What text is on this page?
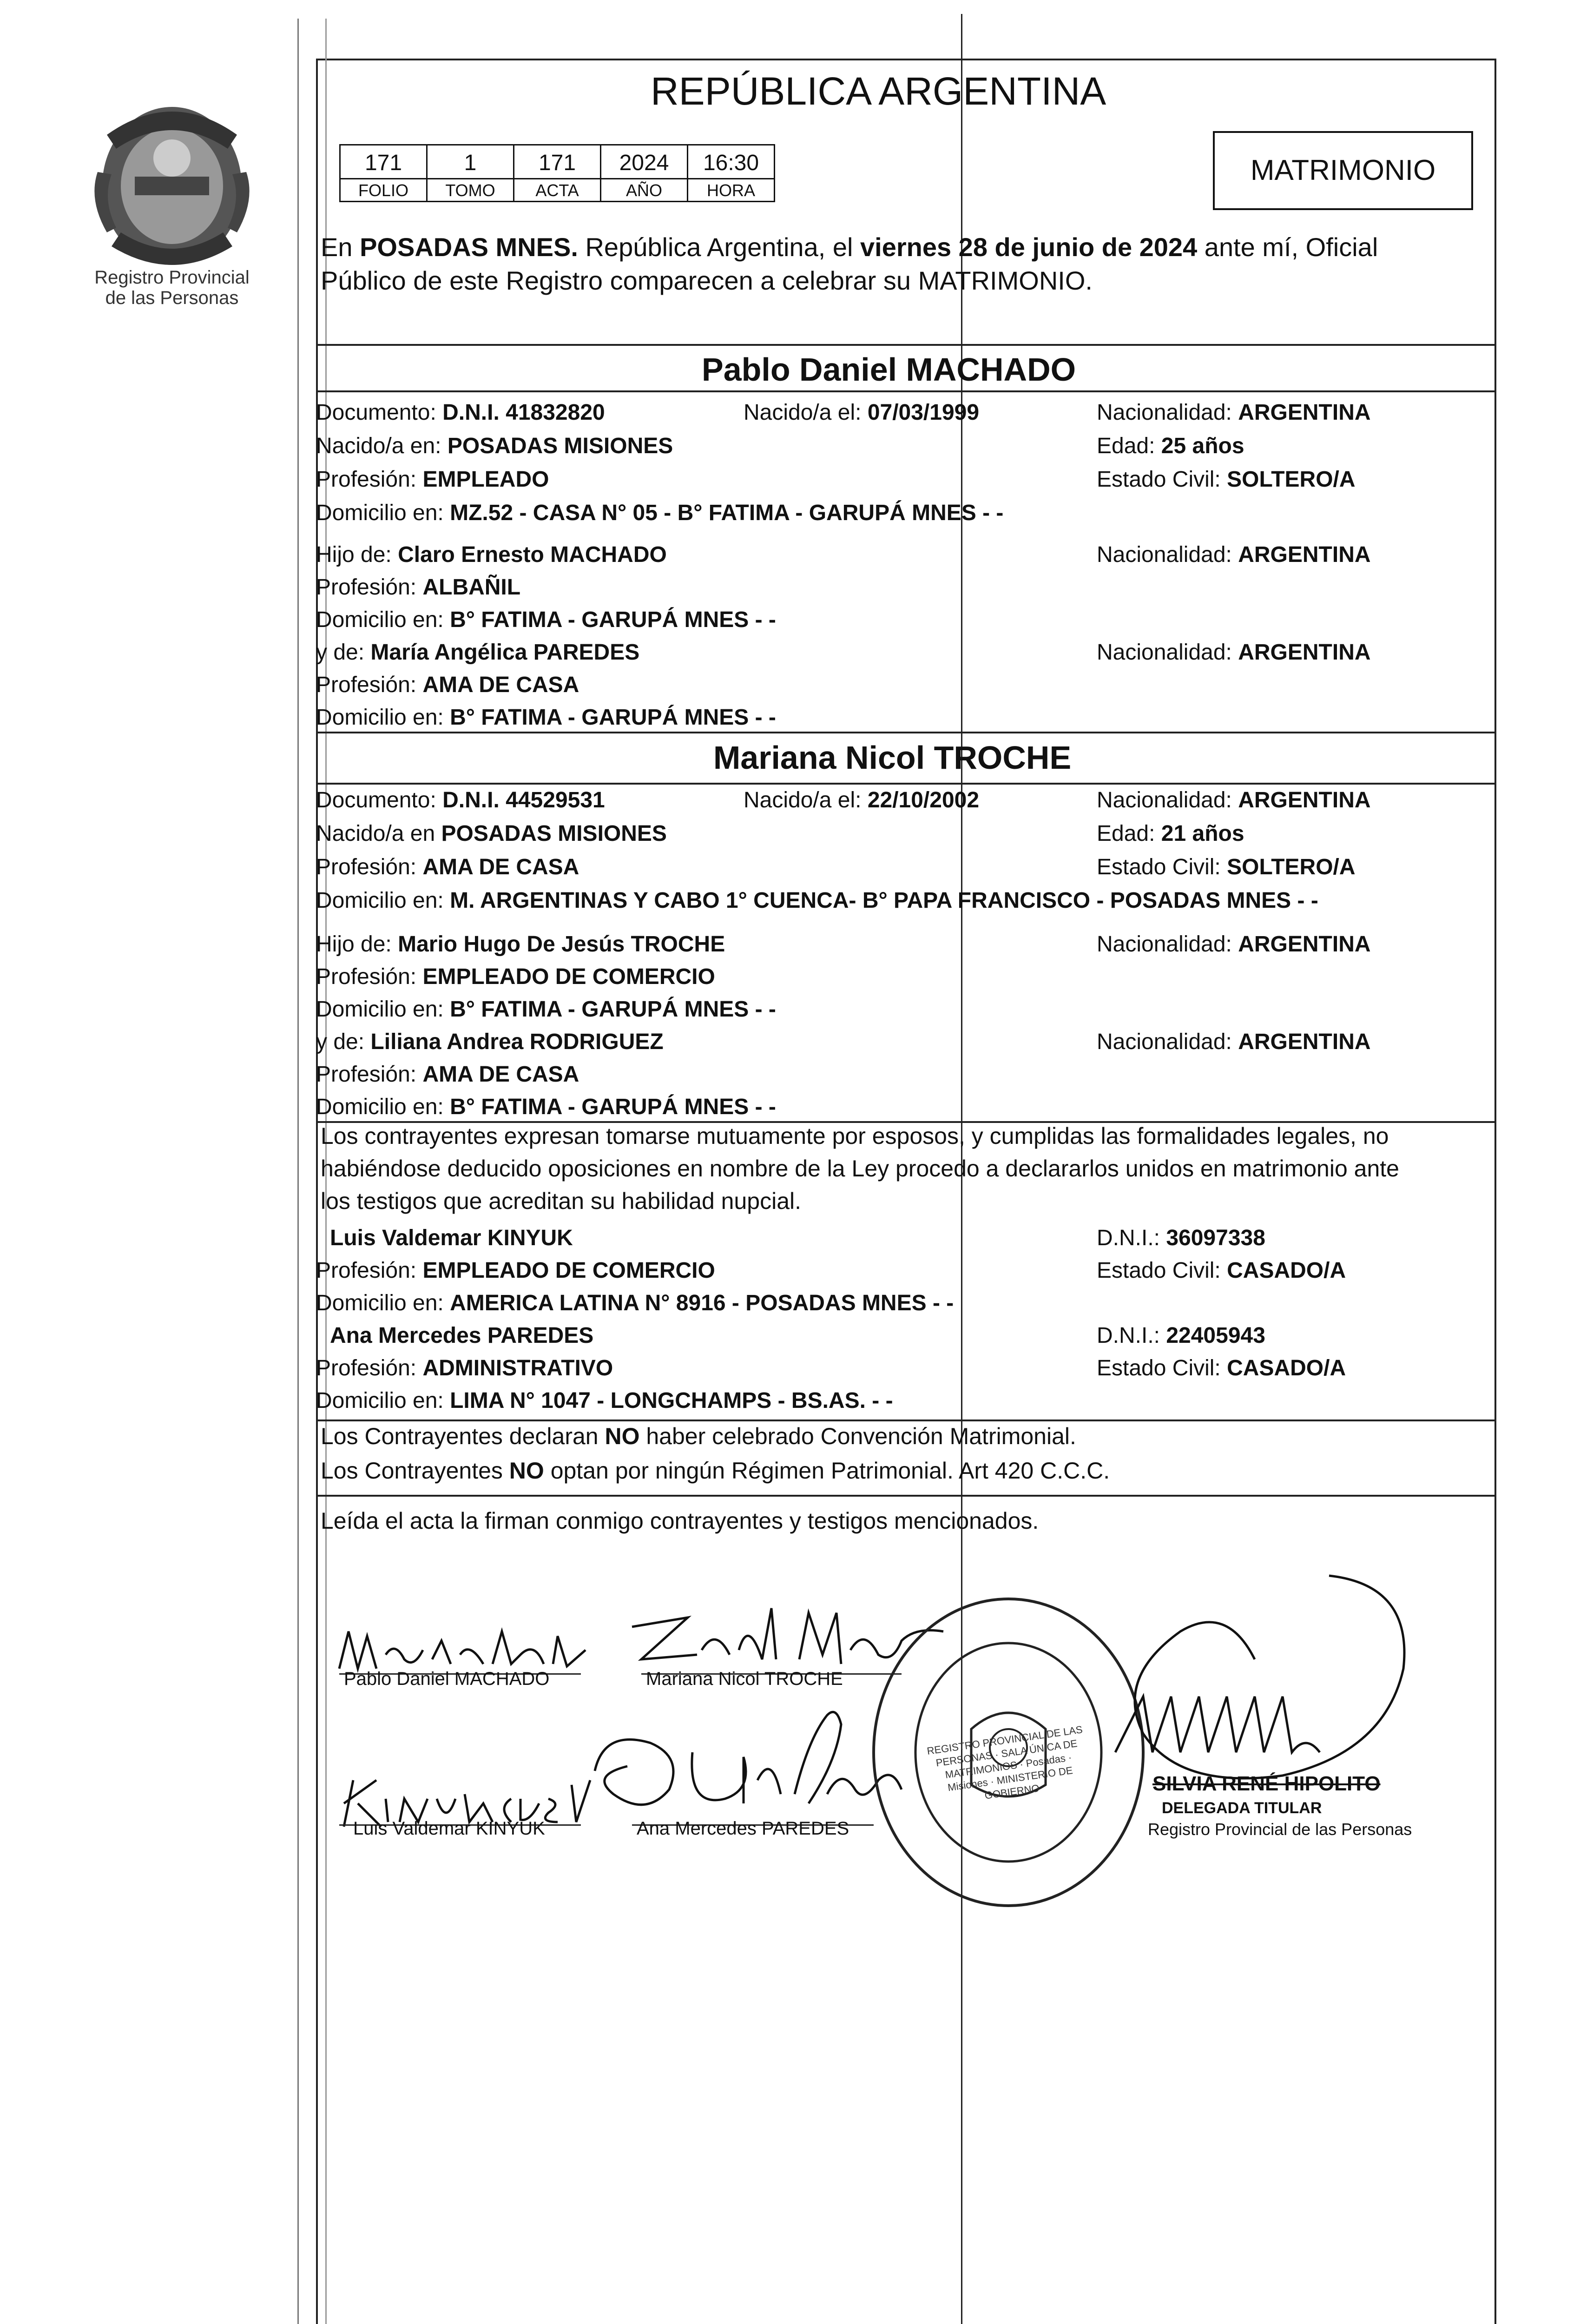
Registro Provincial
de las Personas
REPÚBLICA ARGENTINA
171	1	171	2024	16:30
FOLIO	TOMO	ACTA	AÑO	HORA
MATRIMONIO
En POSADAS MNES. República Argentina, el viernes 28 de junio de 2024 ante mí, Oficial
Público de este Registro comparecen a celebrar su MATRIMONIO.
Pablo Daniel MACHADO
Documento: D.N.I. 41832820	Nacido/a el: 07/03/1999	Nacionalidad: ARGENTINA
Nacido/a en: POSADAS MISIONES	Edad: 25 años
Profesión: EMPLEADO	Estado Civil: SOLTERO/A
Domicilio en: MZ.52 - CASA N° 05 - B° FATIMA - GARUPÁ MNES - -
Hijo de: Claro Ernesto MACHADO	Nacionalidad: ARGENTINA
Profesión: ALBAÑIL
Domicilio en: B° FATIMA - GARUPÁ MNES - -
y de: María Angélica PAREDES	Nacionalidad: ARGENTINA
Profesión: AMA DE CASA
Domicilio en: B° FATIMA - GARUPÁ MNES - -
Mariana Nicol TROCHE
Documento: D.N.I. 44529531	Nacido/a el: 22/10/2002	Nacionalidad: ARGENTINA
Nacido/a en POSADAS MISIONES	Edad: 21 años
Profesión: AMA DE CASA	Estado Civil: SOLTERO/A
Domicilio en: M. ARGENTINAS Y CABO 1° CUENCA- B° PAPA FRANCISCO - POSADAS MNES - -
Hijo de: Mario Hugo De Jesús TROCHE	Nacionalidad: ARGENTINA
Profesión: EMPLEADO DE COMERCIO
Domicilio en: B° FATIMA - GARUPÁ MNES - -
y de: Liliana Andrea RODRIGUEZ	Nacionalidad: ARGENTINA
Profesión: AMA DE CASA
Domicilio en: B° FATIMA - GARUPÁ MNES - -
Los contrayentes expresan tomarse mutuamente por esposos, y cumplidas las formalidades legales, no
habiéndose deducido oposiciones en nombre de la Ley procedo a declararlos unidos en matrimonio ante
los testigos que acreditan su habilidad nupcial.
Luis Valdemar KINYUK	D.N.I.: 36097338
Profesión: EMPLEADO DE COMERCIO	Estado Civil: CASADO/A
Domicilio en: AMERICA LATINA N° 8916 - POSADAS MNES - -
Ana Mercedes PAREDES	D.N.I.: 22405943
Profesión: ADMINISTRATIVO	Estado Civil: CASADO/A
Domicilio en: LIMA N° 1047 - LONGCHAMPS - BS.AS. - -
Los Contrayentes declaran NO haber celebrado Convención Matrimonial.
Los Contrayentes NO optan por ningún Régimen Patrimonial. Art 420 C.C.C.
Leída el acta la firman conmigo contrayentes y testigos mencionados.
Pablo Daniel MACHADO	Mariana Nicol TROCHE
Luis Valdemar KINYUK	Ana Mercedes PAREDES
REGISTRO PROVINCIAL DE LAS PERSONAS · SALA ÚNICA DE MATRIMONIOS · Posadas · Misiones · MINISTERIO DE GOBIERNO	SILVIA RENÉ HIPOLITO
DELEGADA TITULAR
Registro Provincial de las Personas
